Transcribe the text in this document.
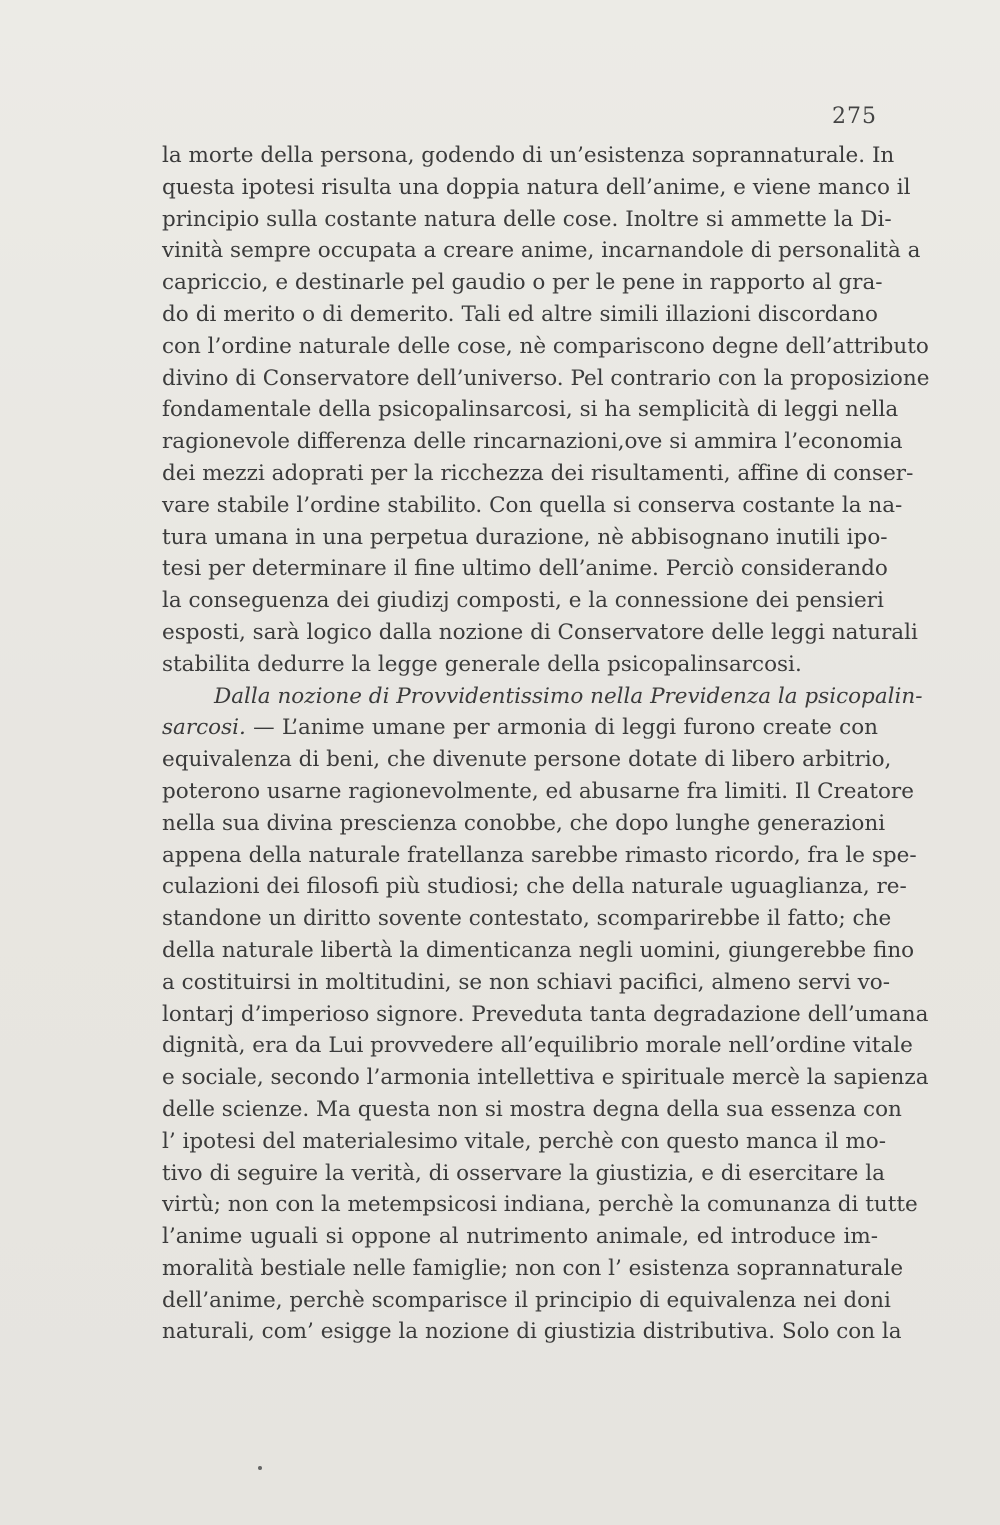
275
la morte della persona, godendo di un’esistenza soprannaturale. In
questa ipotesi risulta una doppia natura dell’anime, e viene manco il
principio sulla costante natura delle cose. Inoltre si ammette la Di-
vinità sempre occupata a creare anime, incarnandole di personalità a
capriccio, e destinarle pel gaudio o per le pene in rapporto al gra-
do di merito o di demerito. Tali ed altre simili illazioni discordano
con l’ordine naturale delle cose, nè compariscono degne dell’attributo
divino di Conservatore dell’universo. Pel contrario con la proposizione
fondamentale della psicopalinsarcosi, si ha semplicità di leggi nella
ragionevole differenza delle rincarnazioni,ove si ammira l’economia
dei mezzi adoprati per la ricchezza dei risultamenti, affine di conser-
vare stabile l’ordine stabilito. Con quella si conserva costante la na-
tura umana in una perpetua durazione, nè abbisognano inutili ipo-
tesi per determinare il fine ultimo dell’anime. Perciò considerando
la conseguenza dei giudizj composti, e la connessione dei pensieri
esposti, sarà logico dalla nozione di Conservatore delle leggi naturali
stabilita dedurre la legge generale della psicopalinsarcosi.
Dalla nozione di Provvidentissimo nella Previdenza la psicopalin-
sarcosi. — L’anime umane per armonia di leggi furono create con
equivalenza di beni, che divenute persone dotate di libero arbitrio,
poterono usarne ragionevolmente, ed abusarne fra limiti. Il Creatore
nella sua divina prescienza conobbe, che dopo lunghe generazioni
appena della naturale fratellanza sarebbe rimasto ricordo, fra le spe-
culazioni dei filosofi più studiosi; che della naturale uguaglianza, re-
standone un diritto sovente contestato, scomparirebbe il fatto; che
della naturale libertà la dimenticanza negli uomini, giungerebbe fino
a costituirsi in moltitudini, se non schiavi pacifici, almeno servi vo-
lontarj d’imperioso signore. Preveduta tanta degradazione dell’umana
dignità, era da Lui provvedere all’equilibrio morale nell’ordine vitale
e sociale, secondo l’armonia intellettiva e spirituale mercè la sapienza
delle scienze. Ma questa non si mostra degna della sua essenza con
l’ ipotesi del materialesimo vitale, perchè con questo manca il mo-
tivo di seguire la verità, di osservare la giustizia, e di esercitare la
virtù; non con la metempsicosi indiana, perchè la comunanza di tutte
l’anime uguali si oppone al nutrimento animale, ed introduce im-
moralità bestiale nelle famiglie; non con l’ esistenza soprannaturale
dell’anime, perchè scomparisce il principio di equivalenza nei doni
naturali, com’ esigge la nozione di giustizia distributiva. Solo con la
